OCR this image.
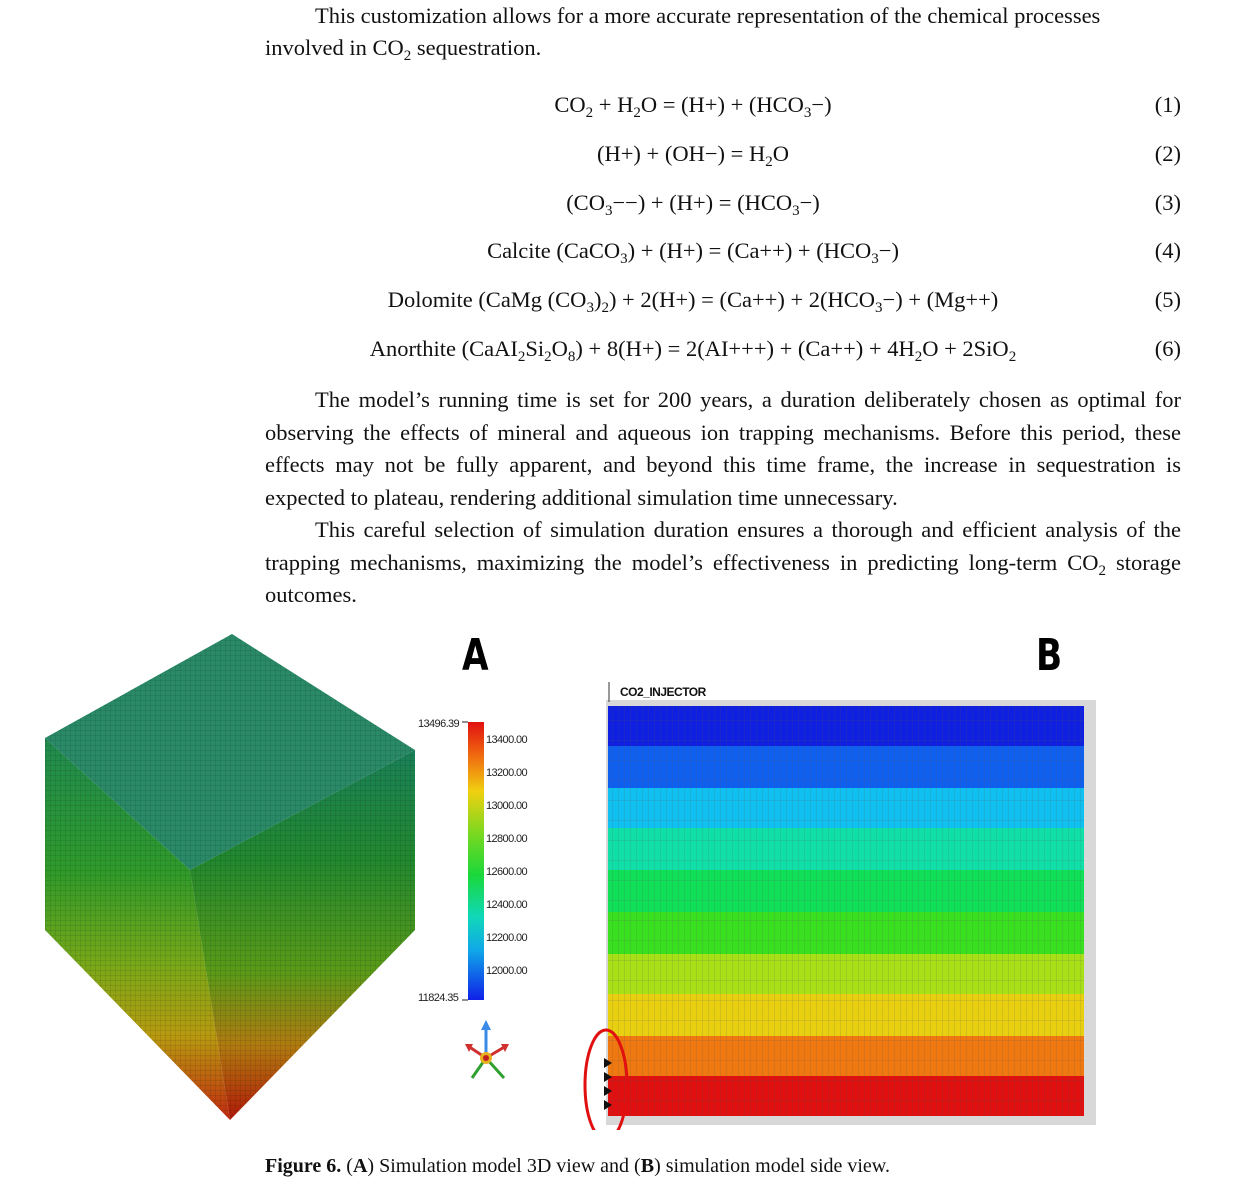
This customization allows for a more accurate representation of the chemical processes

involved in $CO_2$ sequestration.

$CO_2 + H_2O = (H+) + (HCO_3-)$	(1)
$(H+) + (OH-) = H_2O$	(2)
$(CO_3--) + (H+) = (HCO_3-)$	(3)
Calcite (CaCO$_3$) + $(H+) = (Ca++) + (HCO_3-)$	(4)
Dolomite (CaMg $(CO_3)_2) + 2(H+) = (Ca++) + 2(HCO_3-) + (Mg++)$	(5)
Anorthite $(CaAI_2Si_2O_8) + 8(H+) = 2(AI+++) + (Ca++) + 4H_2O + 2SiO_2$	(6)

The model’s running time is set for 200 years, a duration deliberately chosen as optimal for observing the effects of mineral and aqueous ion trapping mechanisms. Before this period, these effects may not be fully apparent, and beyond this time frame, the increase in sequestration is expected to plateau, rendering additional simulation time unnecessary.

This careful selection of simulation duration ensures a thorough and efficient analysis of the trapping mechanisms, maximizing the model’s effectiveness in predicting long-term $CO_2$ storage outcomes.

A
13496.39
11824.35
13400.00
13200.00
13000.00
12800.00
12600.00
12400.00
12200.00
12000.00
B
CO2_INJECTOR
Figure 6. (A) Simulation model 3D view and (B) simulation model side view.
